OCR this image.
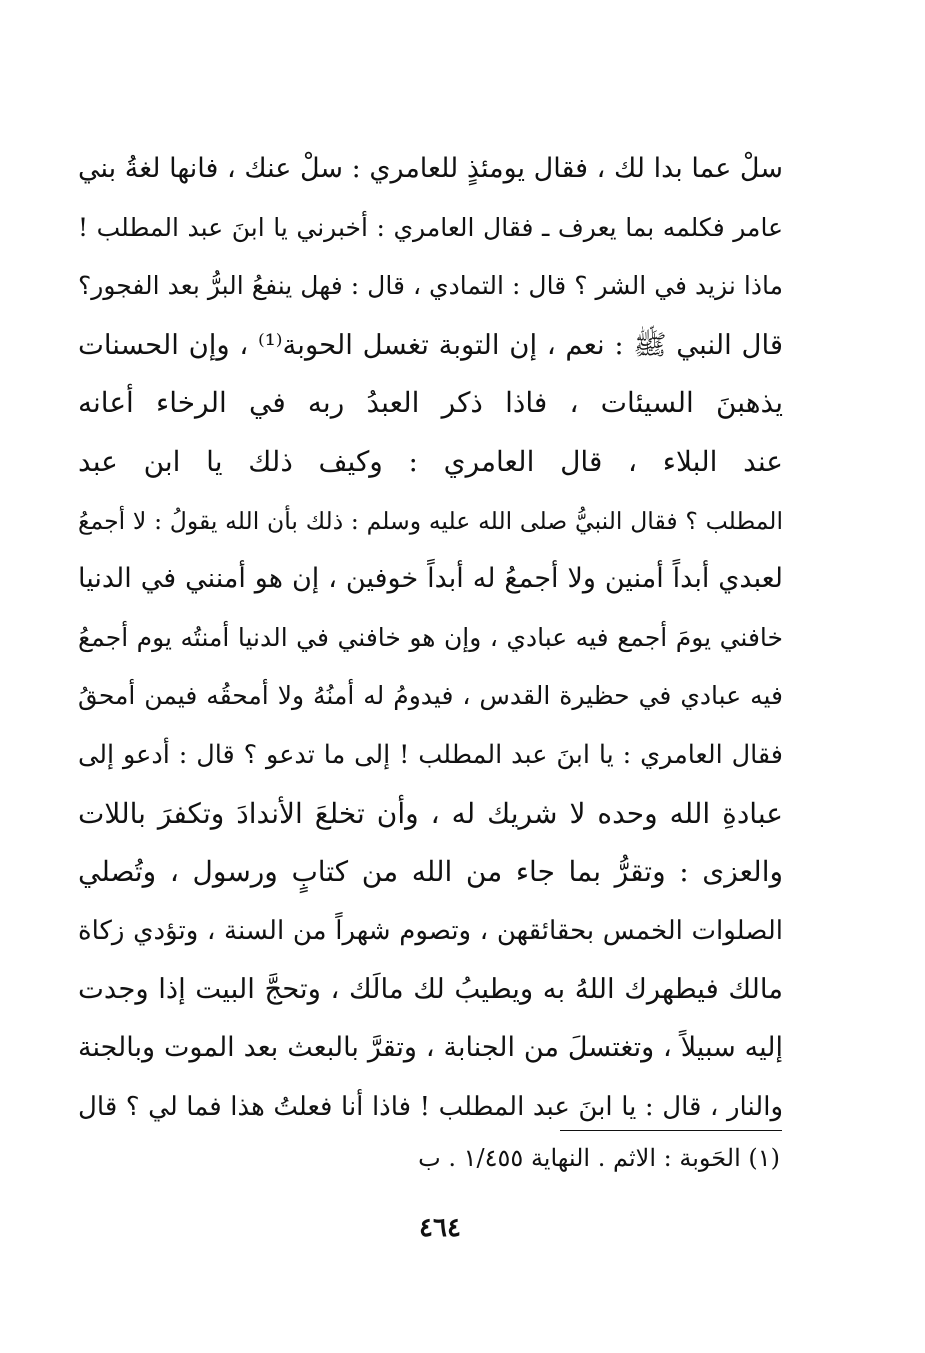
سلْ عما بدا لك ، فقال يومئذٍ للعامري : سلْ عنك ، فانها لغةُ بني
عامر فكلمه بما يعرف ـ فقال العامري : أخبرني يا ابنَ عبد المطلب !
ماذا نزيد في الشر ؟ قال : التمادي ، قال : فهل ينفعُ البرُّ بعد الفجور؟
قال النبي ﷺ : نعم ، إن التوبة تغسل الحوبة⁽¹⁾ ، وإن الحسنات
يذهبنَ السيئات ، فاذا ذكر العبدُ ربه في الرخاء أعانه
عند البلاء ، قال العامري : وكيف ذلك يا ابن عبد
المطلب ؟ فقال النبيُّ صلى الله عليه وسلم : ذلك بأن الله يقولُ : لا أجمعُ
لعبدي أبداً أمنين ولا أجمعُ له أبداً خوفين ، إن هو أمنني في الدنيا
خافني يومَ أجمع فيه عبادي ، وإن هو خافني في الدنيا أمنتُه يوم أجمعُ
فيه عبادي في حظيرة القدس ، فيدومُ له أمنُهُ ولا أمحقُه فيمن أمحقُ
فقال العامري : يا ابنَ عبد المطلب ! إلى ما تدعو ؟ قال : أدعو إلى
عبادةِ الله وحده لا شريك له ، وأن تخلعَ الأندادَ وتكفرَ باللات
والعزى : وتقرُّ بما جاء من الله من كتابٍ ورسول ، وتُصلي
الصلوات الخمس بحقائقهن ، وتصوم شهراً من السنة ، وتؤدي زكاة
مالك فيطهرك اللهُ به ويطيبُ لك مالَك ، وتحجَّ البيت إذا وجدت
إليه سبيلاً ، وتغتسلَ من الجنابة ، وتقرَّ بالبعث بعد الموت وبالجنة
والنار ، قال : يا ابنَ عبد المطلب ! فاذا أنا فعلتُ هذا فما لي ؟ قال
(١) الحَوبة : الاثم . النهاية ١/٤٥٥ . ب
٤٦٤
